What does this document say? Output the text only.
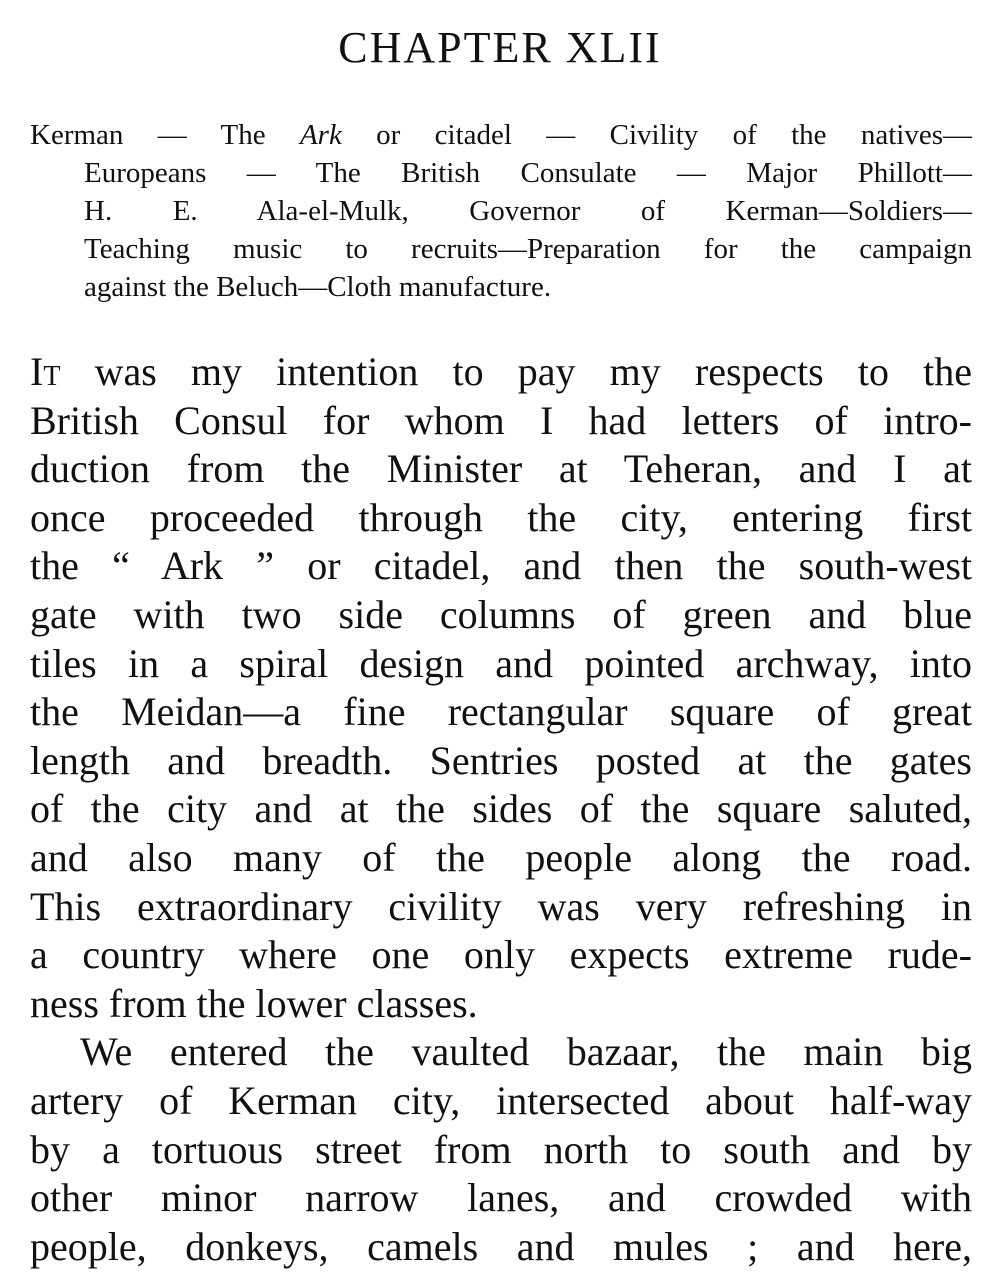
CHAPTER XLII
Kerman — The Ark or citadel — Civility of the natives—
Europeans — The British Consulate — Major Phillott—
H. E. Ala-el-Mulk, Governor of Kerman—Soldiers—
Teaching music to recruits—Preparation for the campaign
against the Beluch—Cloth manufacture.
It was my intention to pay my respects to the
British Consul for whom I had letters of intro-
duction from the Minister at Teheran, and I at
once proceeded through the city, entering first
the “ Ark ” or citadel, and then the south-west
gate with two side columns of green and blue
tiles in a spiral design and pointed archway, into
the Meidan—a fine rectangular square of great
length and breadth. Sentries posted at the gates
of the city and at the sides of the square saluted,
and also many of the people along the road.
This extraordinary civility was very refreshing in
a country where one only expects extreme rude-
ness from the lower classes.
We entered the vaulted bazaar, the main big
artery of Kerman city, intersected about half-way
by a tortuous street from north to south and by
other minor narrow lanes, and crowded with
people, donkeys, camels and mules ; and here,
